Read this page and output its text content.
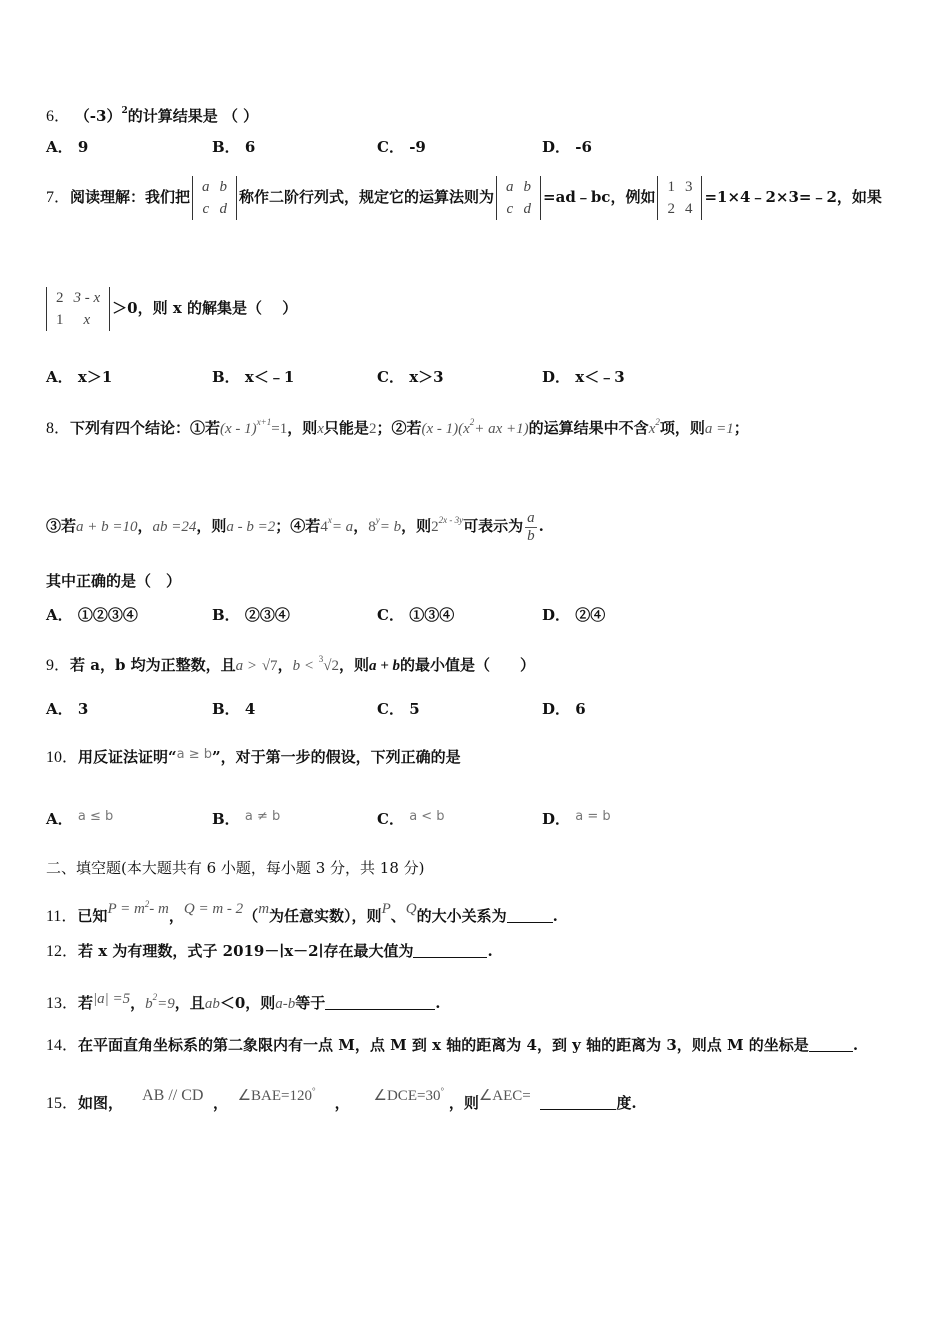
6． $(-3)^2$的计算结果是 （ ）
A． 9	B． 6	C． -9	D． -6
7．阅读理解：我们把
a	b
c	d
称作二阶行列式，规定它的运算法则为
a	b
c	d
=ad﹣bc，例如
1	3
2	4
=1×4﹣2×3=﹣2，如果
2	3 - x
1	x
＞0，则 x 的解集是（　 ）
A． x＞1	B． x＜﹣1	C． x＞3	D． x＜﹣3
8．下列有四个结论：①若(x - 1)$^{x+1}$=1，则x只能是2；②若$(x - 1)(x^2+$ ax +1)的运算结果中不含$x^2$项，则a =1；
③若a + b =10，ab =24，则a - b =2；④若$4^x= a$，$8^y= b$，则$2^{2x - 3y}$可表示为 $\frac{a}{b}$ .
其中正确的是（　）
A． ①②③④	B． ②③④	C． ①③④	D． ②④
9．若 a，b 均为正整数，且a > √7，b < $^3$√2，则a + b的最小值是（　　）
A． 3	B． 4	C． 5	D． 6
10．用反证法证明“a ≥ b”，对于第一步的假设，下列正确的是
A． a ≤ b	B． a ≠ b	C． a < b	D． a = b
二、填空题(本大题共有 6 小题，每小题 3 分，共 18 分)
11．已知$P = m^2-$ m，Q = m - 2（m为任意实数），则P、Q的大小关系为	.
12．若 x 为有理数，式子 2019－∣x－2∣存在最大值为	.
13．若|a| =5，$b^2=9$，且ab＜0，则a-b等于	.
14．在平面直角坐标系的第二象限内有一点 M，点 M 到 x 轴的距离为 4，到 y 轴的距离为 3，则点 M 的坐标是	.
15．如图， AB // CD ， ∠BAE=120°    ， ∠DCE=30° ，则∠AEC=	度.
